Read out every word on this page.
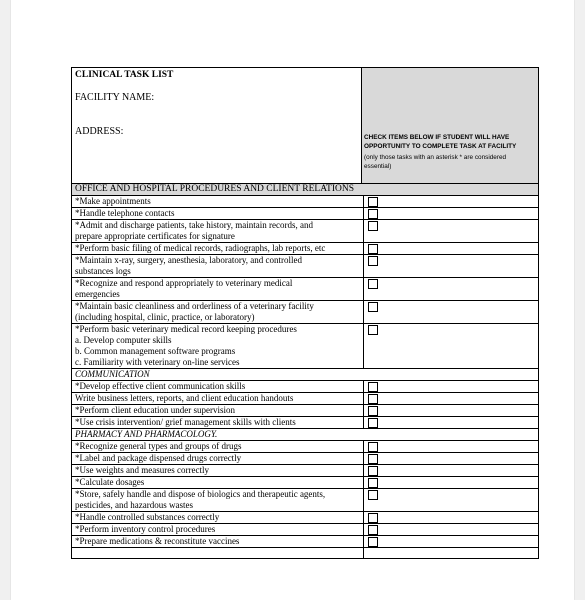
CLINICAL TASK LIST
FACILITY NAME:
ADDRESS:
CHECK ITEMS BELOW IF STUDENT WILL HAVE OPPORTUNITY TO COMPLETE TASK AT FACILITY
(only those tasks with an asterisk * are considered essential)
OFFICE AND HOSPITAL PROCEDURES AND CLIENT RELATIONS
*Make appointments
*Handle telephone contacts
*Admit and discharge patients, take history, maintain records, and
prepare appropriate certificates for signature
*Perform basic filing of medical records, radiographs, lab reports, etc
*Maintain x-ray, surgery, anesthesia, laboratory, and controlled
substances logs
*Recognize and respond appropriately to veterinary medical
emergencies
*Maintain basic cleanliness and orderliness of a veterinary facility
(including hospital, clinic, practice, or laboratory)
*Perform basic veterinary medical record keeping procedures
a. Develop computer skills
b. Common management software programs
c. Familiarity with veterinary on-line services
COMMUNICATION
*Develop effective client communication skills
Write business letters, reports, and client education handouts
*Perform client education under supervision
*Use crisis intervention/ grief management skills with clients
PHARMACY AND PHARMACOLOGY.
*Recognize general types and groups of drugs
*Label and package dispensed drugs correctly
*Use weights and measures correctly
*Calculate dosages
*Store, safely handle and dispose of biologics and therapeutic agents,
pesticides, and hazardous wastes
*Handle controlled substances correctly
*Perform inventory control procedures
*Prepare medications & reconstitute vaccines
